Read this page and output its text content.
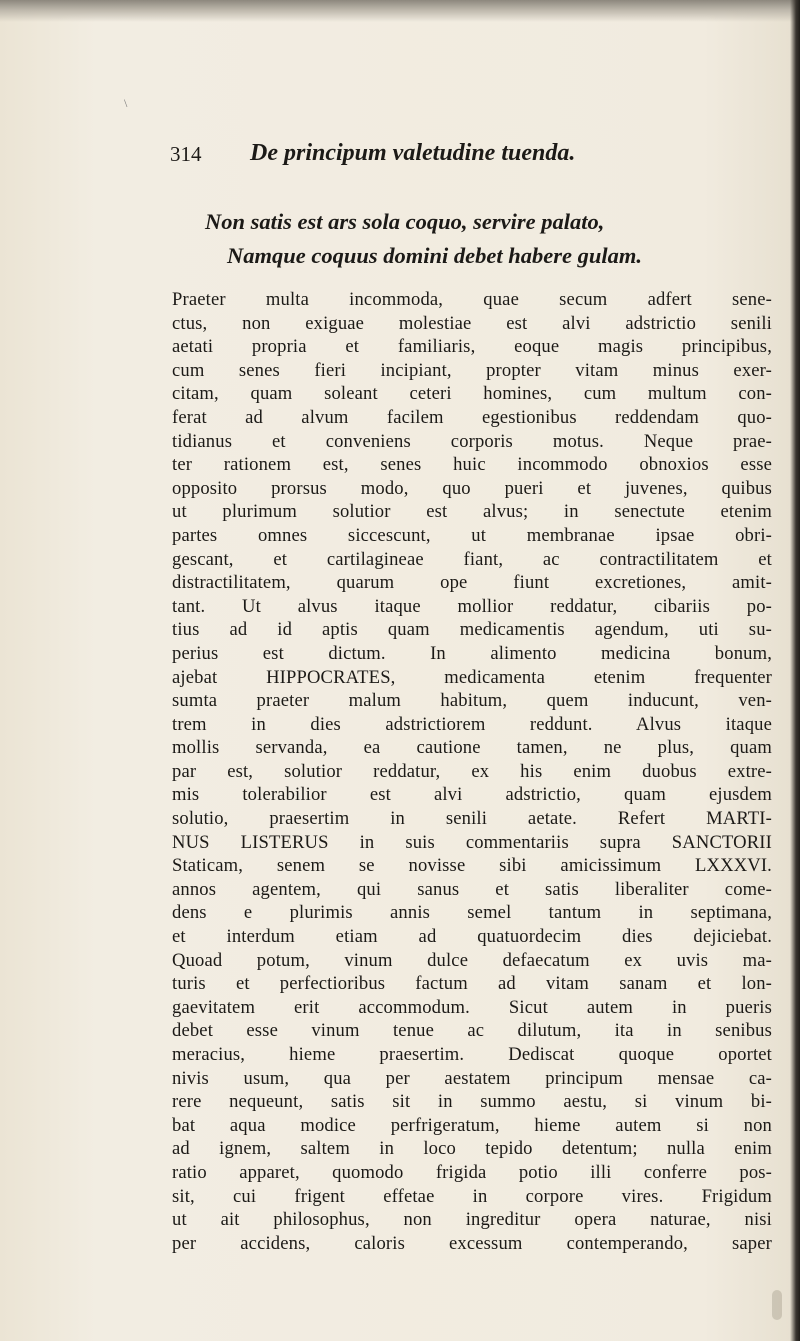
\
314 De principum valetudine tuenda.
Non satis est ars sola coquo, servire palato,
Namque coquus domini debet habere gulam.
Praeter multa incommoda, quae secum adfert sene-
ctus, non exiguae molestiae est alvi adstrictio senili
aetati propria et familiaris, eoque magis principibus,
cum senes fieri incipiant, propter vitam minus exer-
citam, quam soleant ceteri homines, cum multum con-
ferat ad alvum facilem egestionibus reddendam quo-
tidianus et conveniens corporis motus. Neque prae-
ter rationem est, senes huic incommodo obnoxios esse
opposito prorsus modo, quo pueri et juvenes, quibus
ut plurimum solutior est alvus; in senectute etenim
partes omnes siccescunt, ut membranae ipsae obri-
gescant, et cartilagineae fiant, ac contractilitatem et
distractilitatem, quarum ope fiunt excretiones, amit-
tant. Ut alvus itaque mollior reddatur, cibariis po-
tius ad id aptis quam medicamentis agendum, uti su-
perius est dictum. In alimento medicina bonum,
ajebat HIPPOCRATES, medicamenta etenim frequenter
sumta praeter malum habitum, quem inducunt, ven-
trem in dies adstrictiorem reddunt. Alvus itaque
mollis servanda, ea cautione tamen, ne plus, quam
par est, solutior reddatur, ex his enim duobus extre-
mis tolerabilior est alvi adstrictio, quam ejusdem
solutio, praesertim in senili aetate. Refert MARTI-
NUS LISTERUS in suis commentariis supra SANCTORII
Staticam, senem se novisse sibi amicissimum LXXXVI.
annos agentem, qui sanus et satis liberaliter come-
dens e plurimis annis semel tantum in septimana,
et interdum etiam ad quatuordecim dies dejiciebat.
Quoad potum, vinum dulce defaecatum ex uvis ma-
turis et perfectioribus factum ad vitam sanam et lon-
gaevitatem erit accommodum. Sicut autem in pueris
debet esse vinum tenue ac dilutum, ita in senibus
meracius, hieme praesertim. Dediscat quoque oportet
nivis usum, qua per aestatem principum mensae ca-
rere nequeunt, satis sit in summo aestu, si vinum bi-
bat aqua modice perfrigeratum, hieme autem si non
ad ignem, saltem in loco tepido detentum; nulla enim
ratio apparet, quomodo frigida potio illi conferre pos-
sit, cui frigent effetae in corpore vires. Frigidum
ut ait philosophus, non ingreditur opera naturae, nisi
per accidens, caloris excessum contemperando, saper
